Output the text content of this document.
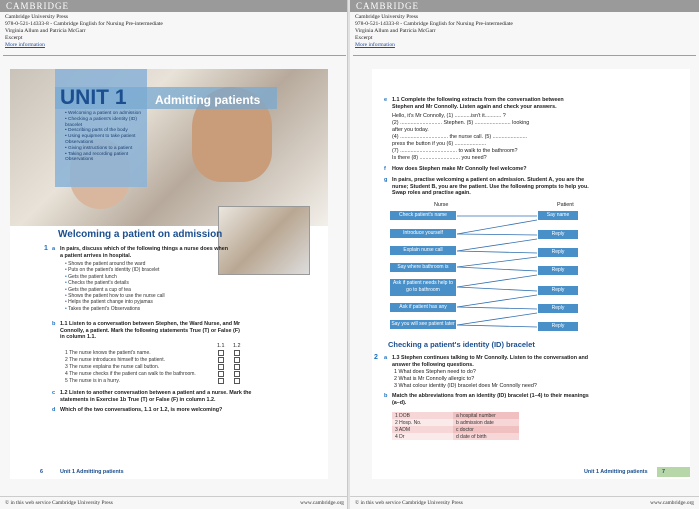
CAMBRIDGE
Cambridge University Press
978-0-521-14333-8 - Cambridge English for Nursing Pre-intermediate
Virginia Allum and Patricia McGarr
Excerpt
More information
UNIT 1 Admitting patients
• Welcoming a patient on admission
• Checking a patient's identity (ID) bracelet
• Describing parts of the body
• Using equipment to take patient Observations
• Giving instructions to a patient
• Taking and recording patient Observations
Welcoming a patient on admission
1 a In pairs, discuss which of the following things a nurse does when a patient arrives in hospital.
• Shows the patient around the ward
• Puts on the patient's identity (ID) bracelet
• Gets the patient lunch
• Checks the patient's details
• Gets the patient a cup of tea
• Shows the patient how to use the nurse call
• Helps the patient change into pyjamas
• Takes the patient's Observations
b 1.1 Listen to a conversation between Stephen, the Ward Nurse, and Mr Connolly, a patient. Mark the following statements True (T) or False (F) in column 1.1.
1.1 1.2
1 The nurse knows the patient's name.
2 The nurse introduces himself to the patient.
3 The nurse explains the nurse call button.
4 The nurse checks if the patient can walk to the bathroom.
5 The nurse is in a hurry.
c 1.2 Listen to another conversation between a patient and a nurse. Mark the statements in Exercise 1b True (T) or False (F) in column 1.2.
d Which of the two conversations, 1.1 or 1.2, is more welcoming?
6	Unit 1 Admitting patients
© in this web service Cambridge University Press	www.cambridge.org
CAMBRIDGE
Cambridge University Press
978-0-521-14333-8 - Cambridge English for Nursing Pre-intermediate
Virginia Allum and Patricia McGarr
Excerpt
More information
e 1.1 Complete the following extracts from the conversation between Stephen and Mr Connolly. Listen again and check your answers.
Hello, it's Mr Connolly, (1) ...........isn't it........... ?
(2) ............................ Stephen. (5) ........................ looking
after you today.
(4) ................................ the nurse call. (5) .......................
press the button if you (6) .....................
(7) ...................................... to walk to the bathroom?
Is there (8) ........................... you need?
f How does Stephen make Mr Connolly feel welcome?
g In pairs, practise welcoming a patient on admission. Student A, you are the nurse; Student B, you are the patient. Use the following prompts to help you. Swap roles and practise again.
Nurse	Patient
Check patient's name
Introduce yourself
Explain nurse call
Say where bathroom is
Ask if patient needs help to go to bathroom
Ask if patient has any questions
Say you will see patient later
Say name
Reply
Reply
Reply
Reply
Reply
Reply
Checking a patient's identity (ID) bracelet
2 a 1.3 Stephen continues talking to Mr Connolly. Listen to the conversation and answer the following questions.
1 What does Stephen need to do?
2 What is Mr Connolly allergic to?
3 What colour identity (ID) bracelet does Mr Connolly need?
b Match the abbreviations from an identity (ID) bracelet (1–4) to their meanings (a–d).
1 DOB	a hospital number
2 Hosp. No.	b admission date
3 ADM	c doctor
4 Dr	d date of birth
Unit 1 Admitting patients	7
© in this web service Cambridge University Press	www.cambridge.org
